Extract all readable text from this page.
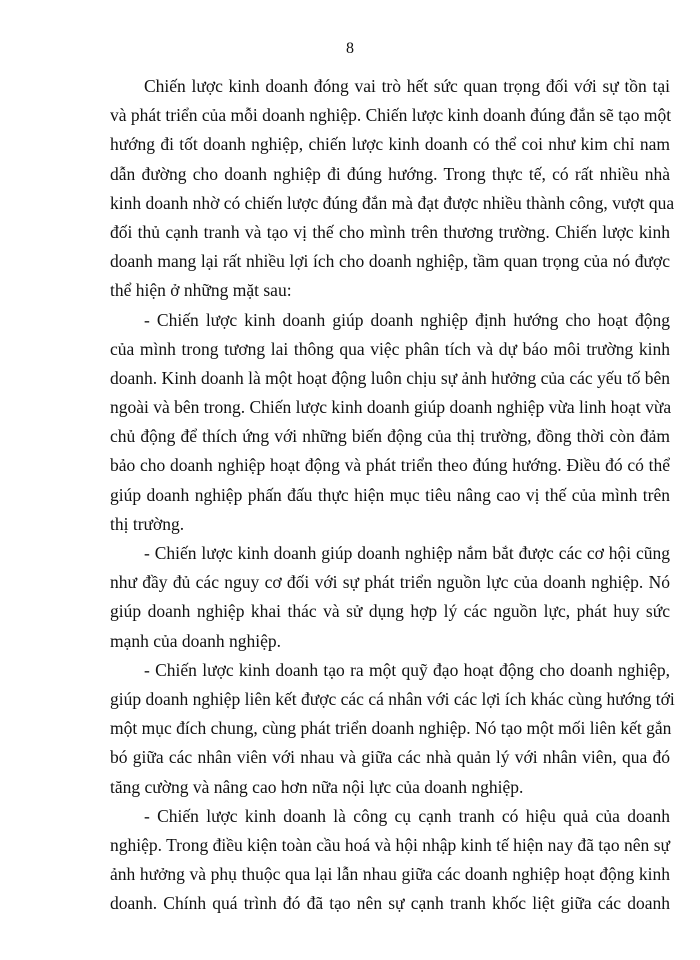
8
Chiến lược kinh doanh đóng vai trò hết sức quan trọng đối với sự tồn tại
và phát triển của mỗi doanh nghiệp. Chiến lược kinh doanh đúng đắn sẽ tạo một
hướng đi tốt doanh nghiệp, chiến lược kinh doanh có thể coi như kim chỉ nam
dẫn đường cho doanh nghiệp đi đúng hướng. Trong thực tế, có rất nhiều nhà
kinh doanh nhờ có chiến lược đúng đắn mà đạt được nhiều thành công, vượt qua
đối thủ cạnh tranh và tạo vị thế cho mình trên thương trường. Chiến lược kinh
doanh mang lại rất nhiều lợi ích cho doanh nghiệp, tầm quan trọng của nó được
thể hiện ở những mặt sau:
- Chiến lược kinh doanh giúp doanh nghiệp định hướng cho hoạt động
của mình trong tương lai thông qua việc phân tích và dự báo môi trường kinh
doanh. Kinh doanh là một hoạt động luôn chịu sự ảnh hưởng của các yếu tố bên
ngoài và bên trong. Chiến lược kinh doanh giúp doanh nghiệp vừa linh hoạt vừa
chủ động để thích ứng với những biến động của thị trường, đồng thời còn đảm
bảo cho doanh nghiệp hoạt động và phát triển theo đúng hướng. Điều đó có thể
giúp doanh nghiệp phấn đấu thực hiện mục tiêu nâng cao vị thế của mình trên
thị trường.
- Chiến lược kinh doanh giúp doanh nghiệp nắm bắt được các cơ hội cũng
như đầy đủ các nguy cơ đối với sự phát triển nguồn lực của doanh nghiệp. Nó
giúp doanh nghiệp khai thác và sử dụng hợp lý các nguồn lực, phát huy sức
mạnh của doanh nghiệp.
- Chiến lược kinh doanh tạo ra một quỹ đạo hoạt động cho doanh nghiệp,
giúp doanh nghiệp liên kết được các cá nhân với các lợi ích khác cùng hướng tới
một mục đích chung, cùng phát triển doanh nghiệp. Nó tạo một mối liên kết gắn
bó giữa các nhân viên với nhau và giữa các nhà quản lý với nhân viên, qua đó
tăng cường và nâng cao hơn nữa nội lực của doanh nghiệp.
- Chiến lược kinh doanh là công cụ cạnh tranh có hiệu quả của doanh
nghiệp. Trong điều kiện toàn cầu hoá và hội nhập kinh tế hiện nay đã tạo nên sự
ảnh hưởng và phụ thuộc qua lại lẫn nhau giữa các doanh nghiệp hoạt động kinh
doanh. Chính quá trình đó đã tạo nên sự cạnh tranh khốc liệt giữa các doanh
